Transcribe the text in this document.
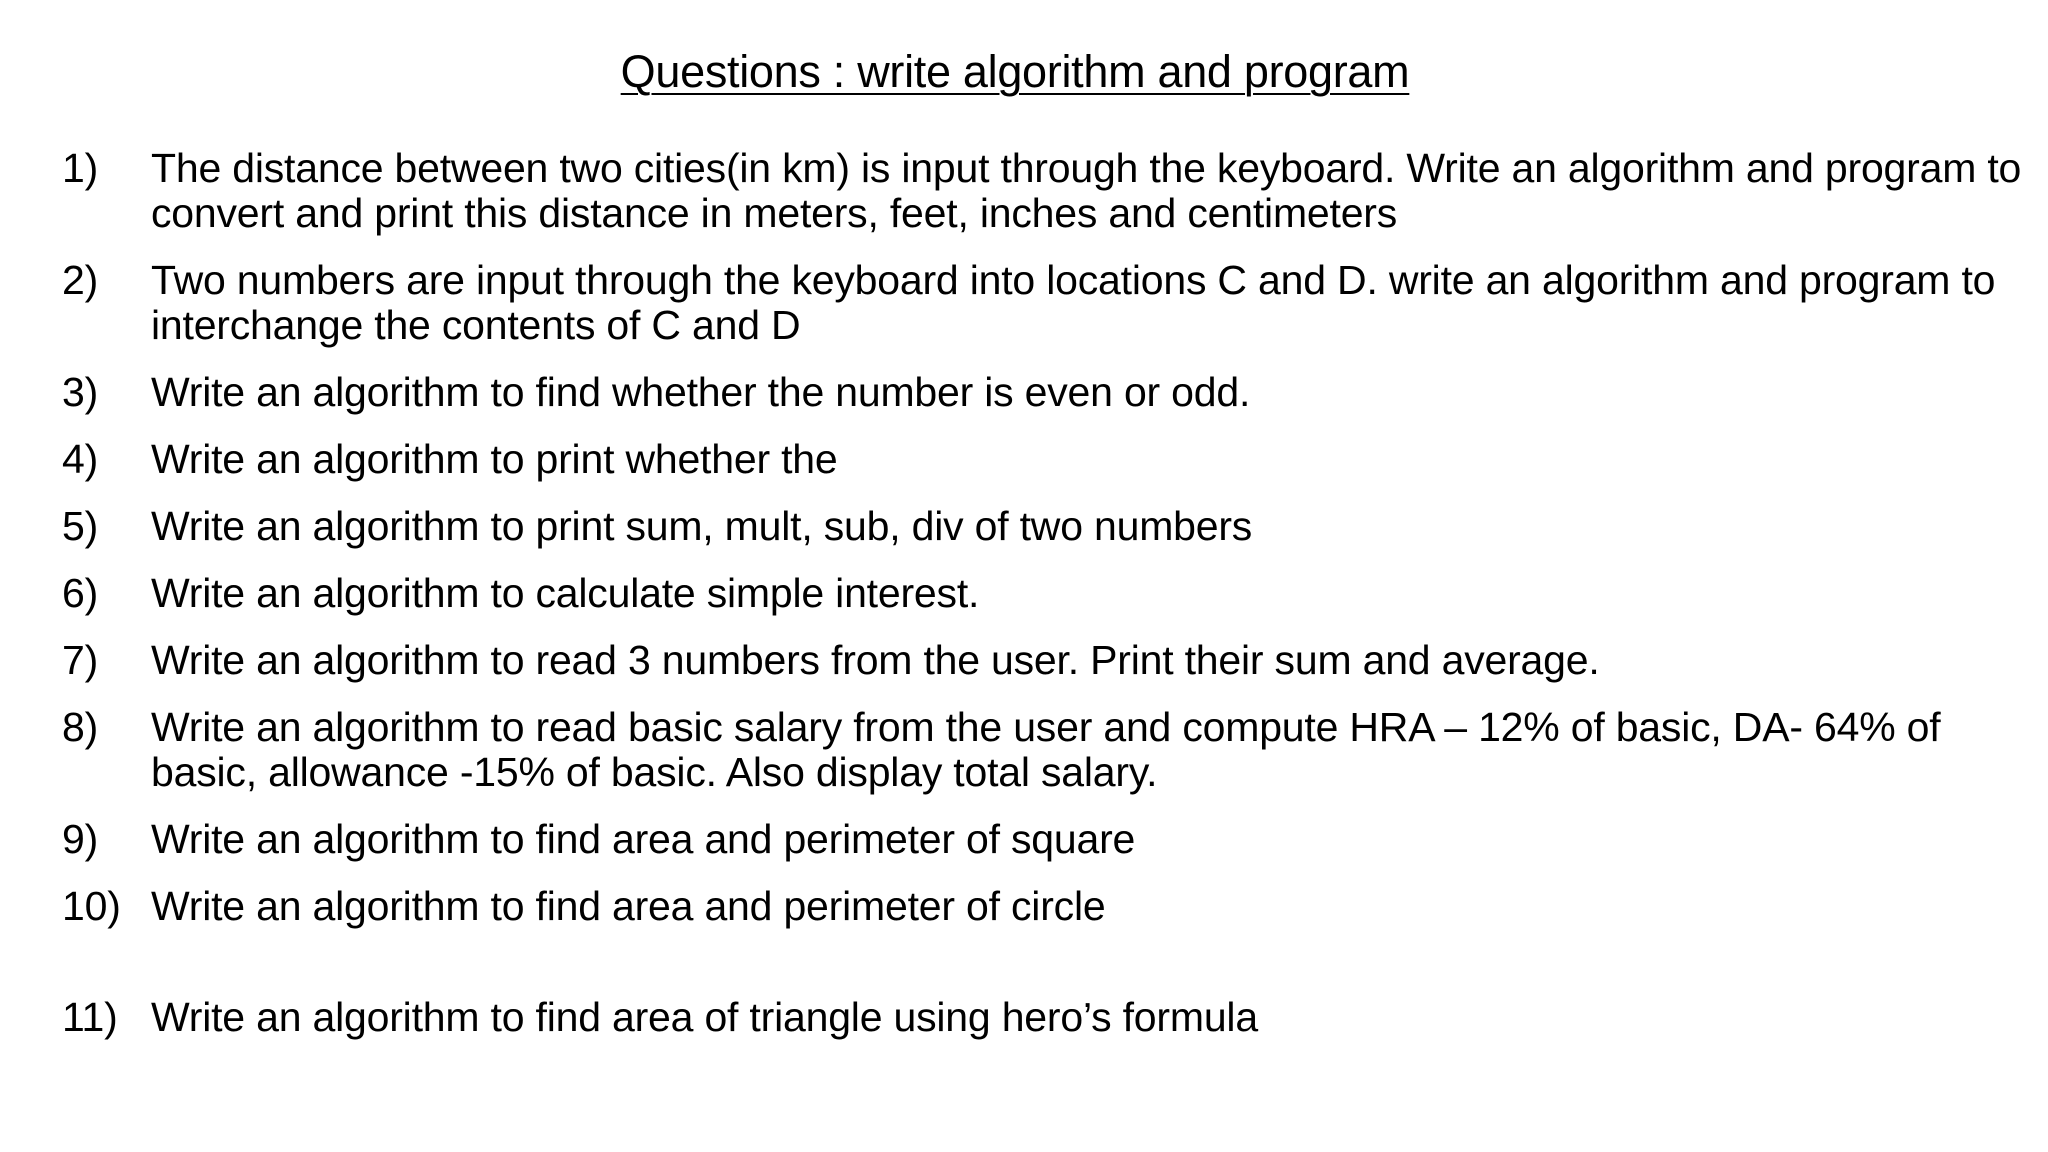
Questions : write algorithm and program
1) The distance between two cities(in km) is input through the keyboard. Write an algorithm and program to convert and print this distance in meters, feet, inches and centimeters
2) Two numbers are input through the keyboard into locations C and D. write an algorithm and program to interchange the contents of C and D
3) Write an algorithm to find whether the number is even or odd.
4) Write an algorithm to print whether the
5) Write an algorithm to print sum, mult, sub, div of two numbers
6) Write an algorithm to calculate simple interest.
7) Write an algorithm to read 3 numbers from the user. Print their sum and average.
8) Write an algorithm to read basic salary from the user and compute HRA – 12% of basic, DA- 64% of basic, allowance -15% of basic. Also display total salary.
9) Write an algorithm to find area and perimeter of square
10) Write an algorithm to find area and perimeter of circle
11) Write an algorithm to find area of triangle using hero’s formula
